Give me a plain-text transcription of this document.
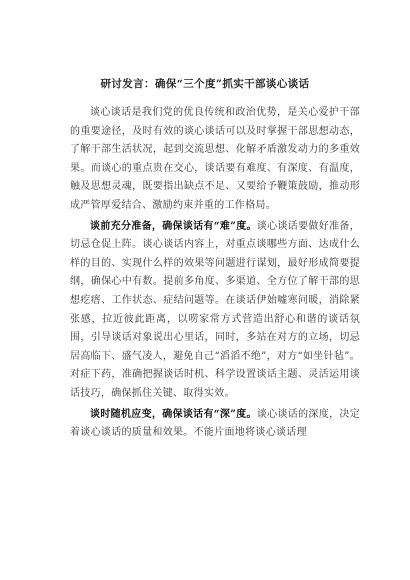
研讨发言：确保“三个度”抓实干部谈心谈话

谈心谈话是我们党的优良传统和政治优势，是关心爱护干部的重要途径，及时有效的谈心谈话可以及时掌握干部思想动态，了解干部生活状况，起到交流思想、化解矛盾激发动力的多重效果。而谈心的重点贵在交心，谈话要有难度、有深度、有温度，触及思想灵魂，既要指出缺点不足、又要给予鞭策鼓励，推动形成严管厚爱结合、激励约束并重的工作格局。

谈前充分准备，确保谈话有“难”度。谈心谈话要做好准备，切忌仓促上阵。谈心谈话内容上，对重点谈哪些方面、达成什么样的目的、实现什么样的效果等问题进行谋划，最好形成简要提纲，确保心中有数。提前多角度、多渠道、全方位了解干部的思想疙瘩、工作状态、症结问题等。在谈话伊始嘘寒问暖，消除紧张感，拉近彼此距离，以唠家常方式营造出舒心和谐的谈话氛围，引导谈话对象说出心里话，同时，多站在对方的立场，切忌居高临下、盛气凌人，避免自己“滔滔不绝”，对方“如坐针毡”。对症下药，准确把握谈话时机、科学设置谈话主题、灵活运用谈话技巧，确保抓住关键、取得实效。

谈时随机应变，确保谈话有“深”度。谈心谈话的深度，决定着谈心谈话的质量和效果。不能片面地将谈心谈话理
